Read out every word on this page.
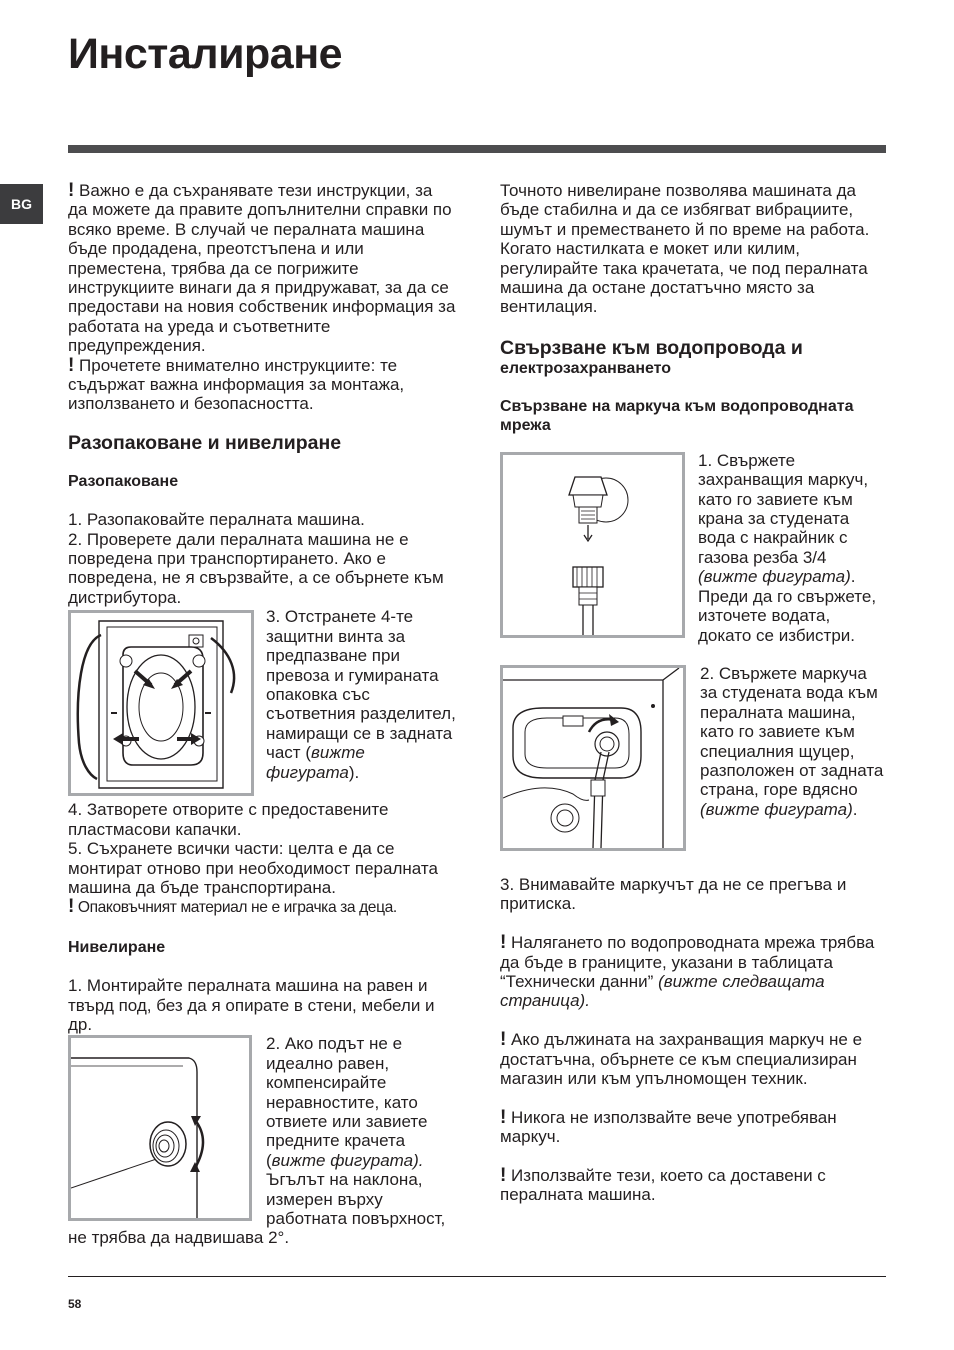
Инсталиране
BG

! Важно е да съхранявате тези инструкции, за да можете да правите допълнителни справки по всяко време. В случай че пералната машина бъде продадена, преотстъпена и или преместена, трябва да се погрижите инструкциите винаги да я придружават, за да се предостави на новия собственик информация за работата на уреда и съответните предупреждения.

! Прочетете внимателно инструкциите: те съдържат важна информация за монтажа, използването и безопасността.

Разопаковане и нивелиране

Разопаковане

1. Разопаковайте пералната машина.

2. Проверете дали пералната машина не е повредена при транспортирането. Ако е повредена, не я свързвайте, а се обърнете към дистрибутора.

3. Отстранете 4-те защитни винта за предпазване при превоза и гумираната опаковка със съответния разделител, намиращи се в задната част (вижте фигурата).

4. Затворете отворите с предоставените пластмасови капачки.

5. Съхранете всички части: целта е да се монтират отново при необходимост пералната машина да бъде транспортирана.

! Опаковъчният материал не е играчка за деца.

Нивелиране

1. Монтирайте пералната машина на равен и твърд под, без да я опирате в стени, мебели и др.

2. Ако подът не е идеално равен, компенсирайте неравностите, като отвиете или завиете предните крачета (вижте фигурата). Ъгълът на наклона, измерен върху работната повърхност, не трябва да надвишава 2°.

Точното нивелиране позволява машината да бъде стабилна и да се избягват вибрациите, шумът и преместването й по време на работа. Когато настилката е мокет или килим, регулирайте така крачетата, че под пералната машина да остане достатъчно място за вентилация.

Свързване към водопровода и

електрозахранването

Свързване на маркуча към водопроводната мрежа

1. Свържете захранващия маркуч, като го завиете към крана за студената вода с накрайник с газова резба 3/4 (вижте фигурата). Преди да го свържете, източете водата, докато се избистри.

2. Свържете маркуча за студената вода към пералната машина, като го завиете към специалния щуцер, разположен от задната страна, горе вдясно (вижте фигурата).

3. Внимавайте маркучът да не се прегъва и притиска.

! Налягането по водопроводната мрежа трябва да бъде в границите, указани в таблицата “Технически данни” (вижте следващата страница).

! Ако дължината на захранващия маркуч не е достатъчна, обърнете се към специализиран магазин или към упълномощен техник.

! Никога не използвайте вече употребяван маркуч.

! Използвайте тези, което са доставени с пералната машина.

58
